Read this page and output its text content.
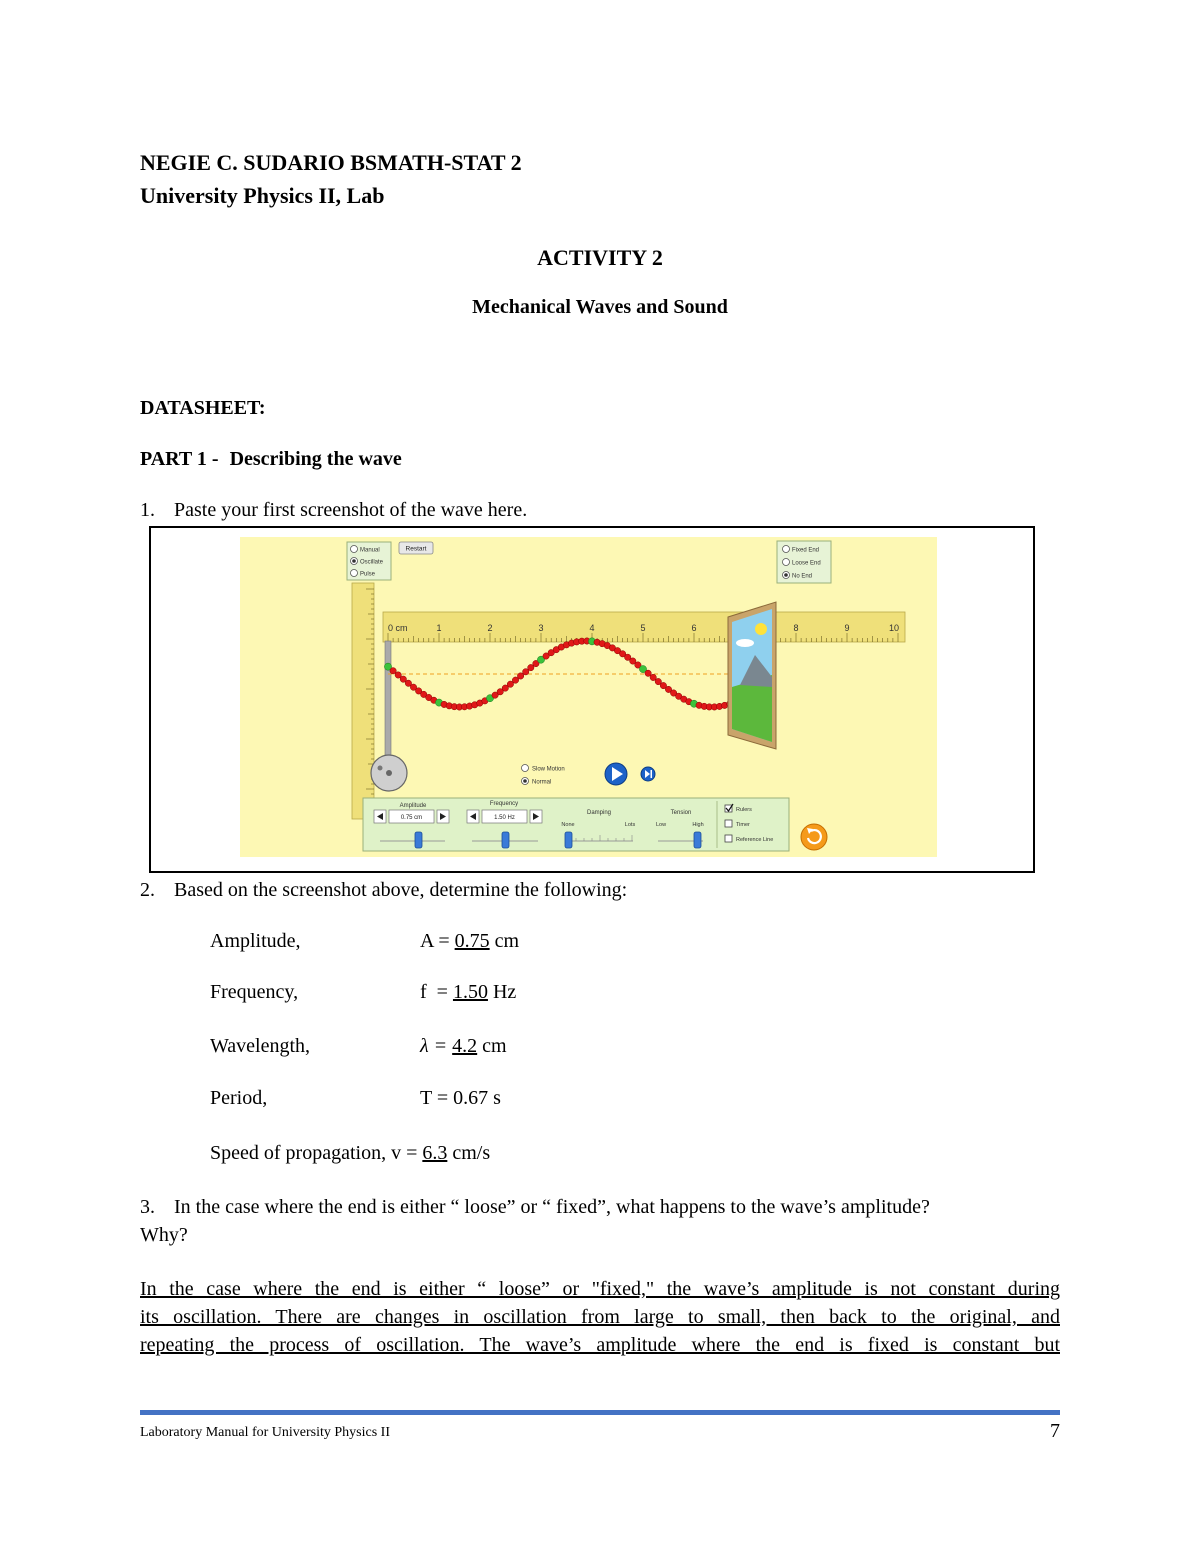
NEGIE C. SUDARIO BSMATH-STAT 2
University Physics II, Lab
ACTIVITY 2
Mechanical Waves and Sound
DATASHEET:
PART 1 - Describing the wave
1. Paste your first screenshot of the wave here.
Manual
Oscillate
Pulse
Restart	Fixed End
Loose End
No End
0 cm	1	2	3	4	5	6	8	9	10
Slow Motion
Normal
Amplitude
0.75 cm
Frequency
1.50 Hz
Damping
None	Lots
Tension
Low	High
Rulers
Timer
Reference Line
2. Based on the screenshot above, determine the following:
Amplitude,	A = 0.75 cm
Frequency,	f  = 1.50 Hz
Wavelength,	λ = 4.2 cm
Period,	T = 0.67 s
Speed of propagation, v = 6.3 cm/s
3. In the case where the end is either “ loose” or “ fixed”, what happens to the wave’s amplitude?
Why?
In the case where the end is either “ loose” or "fixed," the wave’s amplitude is not constant during
its oscillation. There are changes in oscillation from large to small, then back to the original, and
repeating the process of oscillation. The wave’s amplitude where the end is fixed is constant but
Laboratory Manual for University Physics II	7
